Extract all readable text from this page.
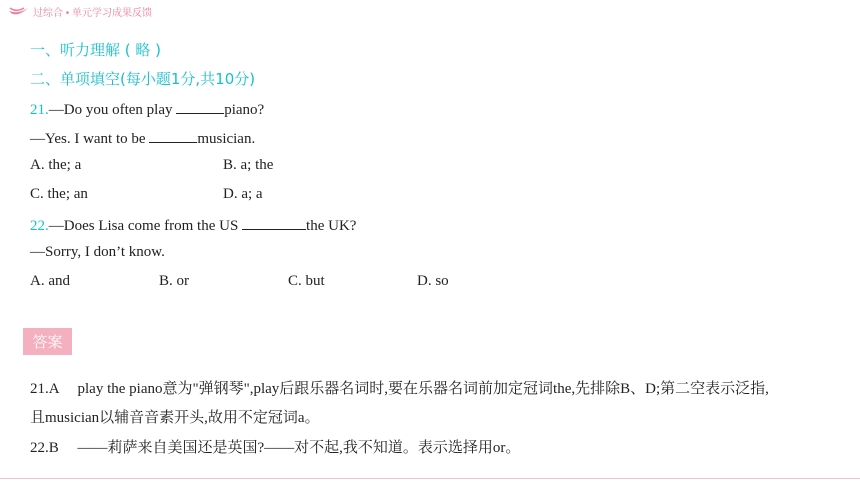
过综合 • 单元学习成果反馈
一、听力理解 ( 略 )
二、单项填空(每小题1分,共10分)
21.—Do you often play	piano?
—Yes. I want to be	musician.
A. the; a	B. a; the
C. the; an	D. a; a
22.—Does Lisa come from the US	the UK?
—Sorry, I don’t know.
A. and	B. or	C. but	D. so
答案
21.A　 play the piano意为"弹钢琴",play后跟乐器名词时,要在乐器名词前加定冠词the,先排除B、D;第二空表示泛指,
且musician以辅音音素开头,故用不定冠词a。
22.B　 ——莉萨来自美国还是英国?——对不起,我不知道。表示选择用or。
